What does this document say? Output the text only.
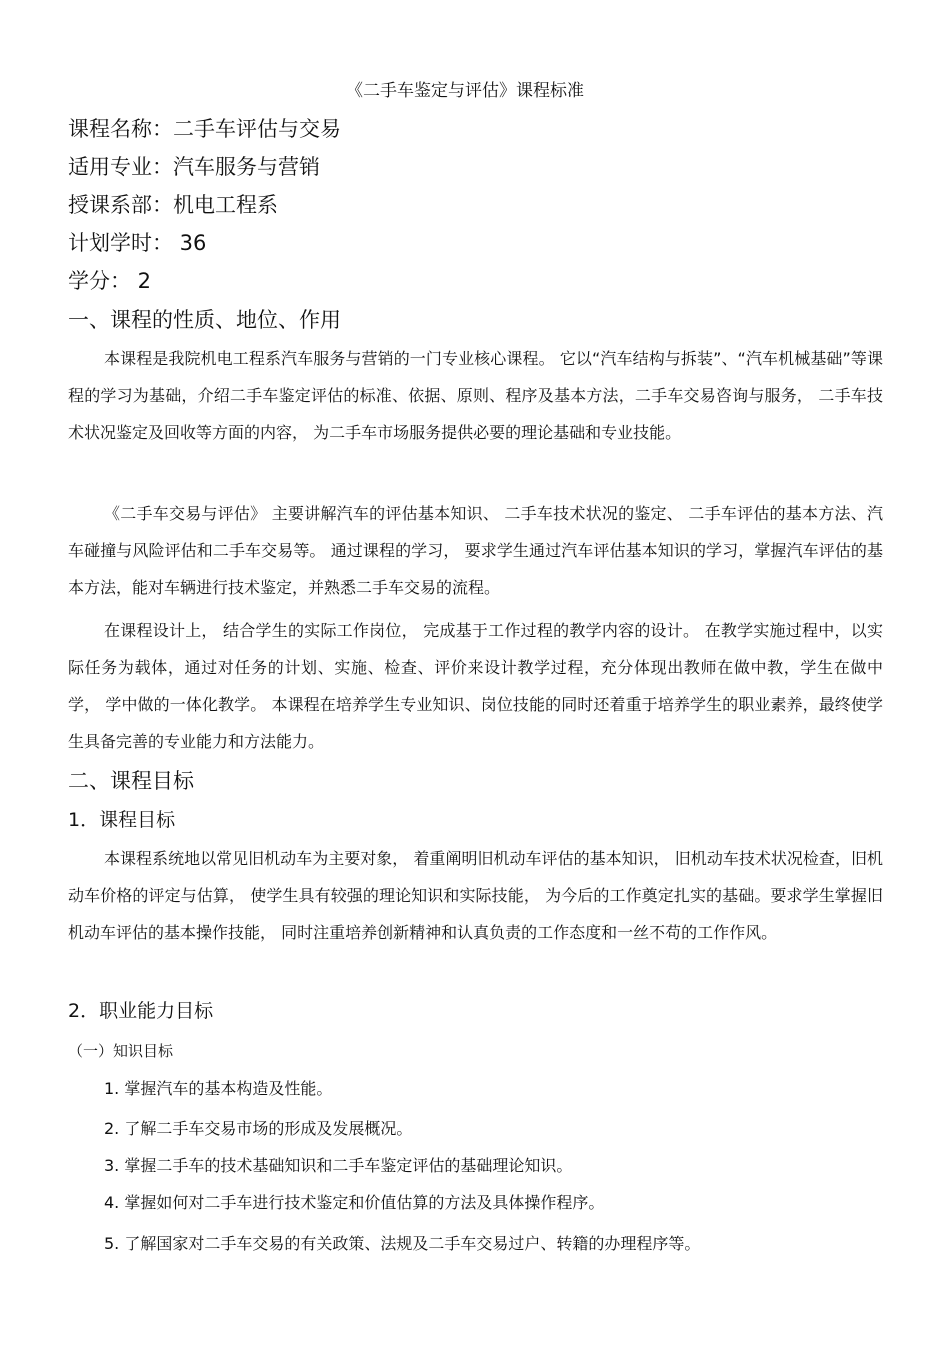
《二手车鉴定与评估》课程标准
课程名称：二手车评估与交易
适用专业：汽车服务与营销
授课系部：机电工程系
计划学时： 36
学分： 2
一、课程的性质、地位、作用
本课程是我院机电工程系汽车服务与营销的一门专业核心课程。 它以“汽车结构与拆装”、“汽车机械基础”等课程的学习为基础，介绍二手车鉴定评估的标准、依据、原则、程序及基本方法，二手车交易咨询与服务， 二手车技术状况鉴定及回收等方面的内容， 为二手车市场服务提供必要的理论基础和专业技能。
《二手车交易与评估》 主要讲解汽车的评估基本知识、 二手车技术状况的鉴定、 二手车评估的基本方法、汽车碰撞与风险评估和二手车交易等。 通过课程的学习， 要求学生通过汽车评估基本知识的学习，掌握汽车评估的基本方法，能对车辆进行技术鉴定，并熟悉二手车交易的流程。
在课程设计上， 结合学生的实际工作岗位， 完成基于工作过程的教学内容的设计。 在教学实施过程中，以实际任务为载体，通过对任务的计划、实施、检查、评价来设计教学过程，充分体现出教师在做中教，学生在做中学， 学中做的一体化教学。 本课程在培养学生专业知识、岗位技能的同时还着重于培养学生的职业素养，最终使学生具备完善的专业能力和方法能力。
二、课程目标
1．课程目标
本课程系统地以常见旧机动车为主要对象， 着重阐明旧机动车评估的基本知识， 旧机动车技术状况检查，旧机动车价格的评定与估算， 使学生具有较强的理论知识和实际技能， 为今后的工作奠定扎实的基础。要求学生掌握旧机动车评估的基本操作技能， 同时注重培养创新精神和认真负责的工作态度和一丝不苟的工作作风。
2．职业能力目标
（一）知识目标
1. 掌握汽车的基本构造及性能。
2. 了解二手车交易市场的形成及发展概况。
3. 掌握二手车的技术基础知识和二手车鉴定评估的基础理论知识。
4. 掌握如何对二手车进行技术鉴定和价值估算的方法及具体操作程序。
5. 了解国家对二手车交易的有关政策、法规及二手车交易过户、转籍的办理程序等。
